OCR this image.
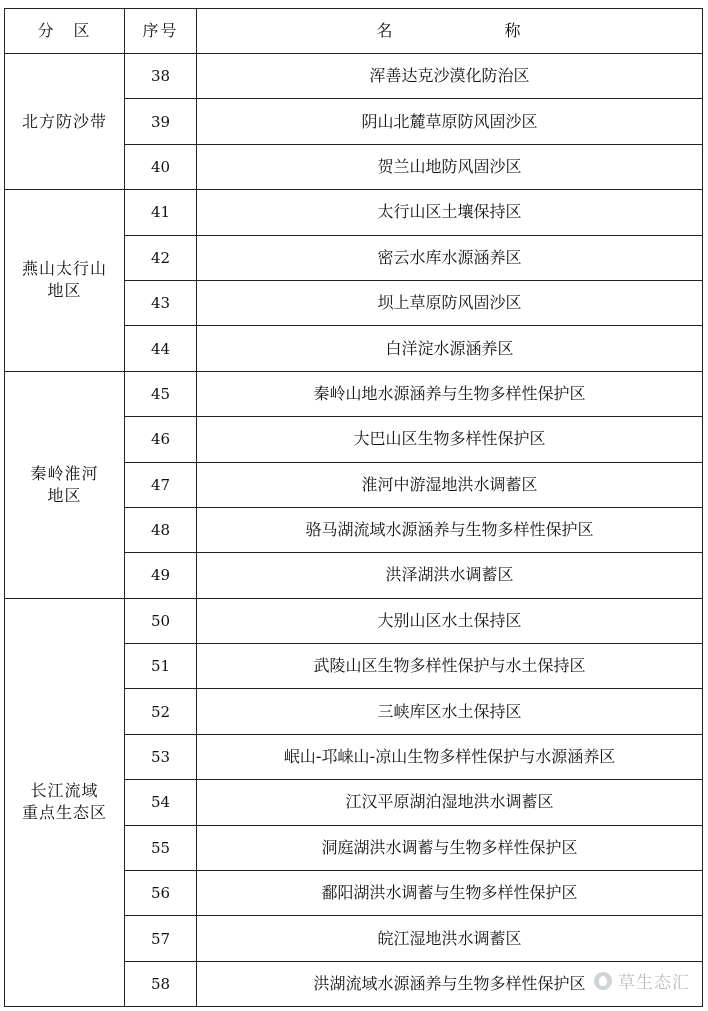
分　区	序号	名 称
北方防沙带	38	浑善达克沙漠化防治区
	39	阴山北麓草原防风固沙区
	40	贺兰山地防风固沙区
燕山太行山
地区	41	太行山区土壤保持区
	42	密云水库水源涵养区
	43	坝上草原防风固沙区
	44	白洋淀水源涵养区
秦岭淮河
地区	45	秦岭山地水源涵养与生物多样性保护区
	46	大巴山区生物多样性保护区
	47	淮河中游湿地洪水调蓄区
	48	骆马湖流域水源涵养与生物多样性保护区
	49	洪泽湖洪水调蓄区
长江流域
重点生态区	50	大别山区水土保持区
	51	武陵山区生物多样性保护与水土保持区
	52	三峡库区水土保持区
	53	岷山-邛崃山-凉山生物多样性保护与水源涵养区
	54	江汉平原湖泊湿地洪水调蓄区
	55	洞庭湖洪水调蓄与生物多样性保护区
	56	鄱阳湖洪水调蓄与生物多样性保护区
	57	皖江湿地洪水调蓄区
	58	洪湖流域水源涵养与生物多样性保护区 草生态汇
